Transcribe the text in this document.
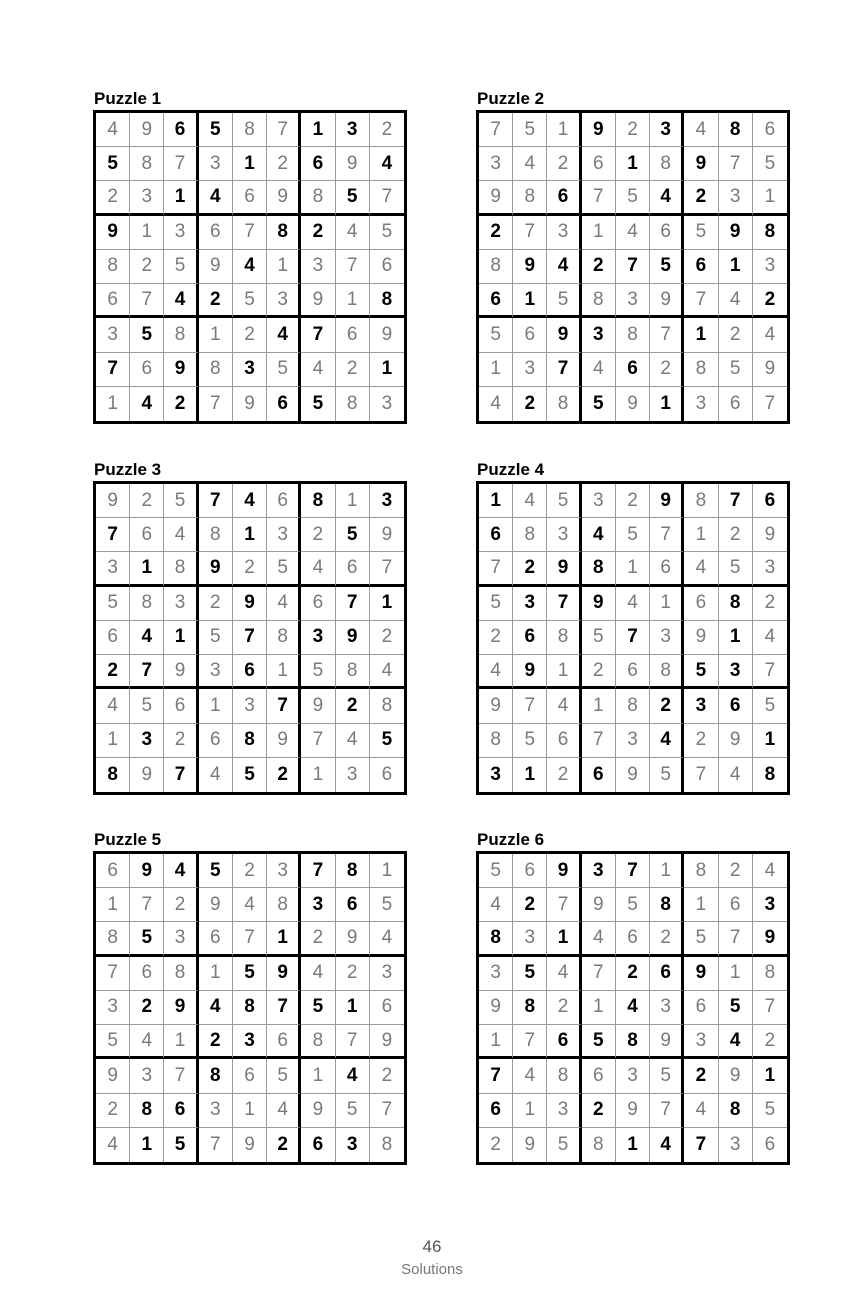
Puzzle 1
4	9	6	5	8	7	1	3	2
5	8	7	3	1	2	6	9	4
2	3	1	4	6	9	8	5	7
9	1	3	6	7	8	2	4	5
8	2	5	9	4	1	3	7	6
6	7	4	2	5	3	9	1	8
3	5	8	1	2	4	7	6	9
7	6	9	8	3	5	4	2	1
1	4	2	7	9	6	5	8	3
Puzzle 2
7	5	1	9	2	3	4	8	6
3	4	2	6	1	8	9	7	5
9	8	6	7	5	4	2	3	1
2	7	3	1	4	6	5	9	8
8	9	4	2	7	5	6	1	3
6	1	5	8	3	9	7	4	2
5	6	9	3	8	7	1	2	4
1	3	7	4	6	2	8	5	9
4	2	8	5	9	1	3	6	7
Puzzle 3
9	2	5	7	4	6	8	1	3
7	6	4	8	1	3	2	5	9
3	1	8	9	2	5	4	6	7
5	8	3	2	9	4	6	7	1
6	4	1	5	7	8	3	9	2
2	7	9	3	6	1	5	8	4
4	5	6	1	3	7	9	2	8
1	3	2	6	8	9	7	4	5
8	9	7	4	5	2	1	3	6
Puzzle 4
1	4	5	3	2	9	8	7	6
6	8	3	4	5	7	1	2	9
7	2	9	8	1	6	4	5	3
5	3	7	9	4	1	6	8	2
2	6	8	5	7	3	9	1	4
4	9	1	2	6	8	5	3	7
9	7	4	1	8	2	3	6	5
8	5	6	7	3	4	2	9	1
3	1	2	6	9	5	7	4	8
Puzzle 5
6	9	4	5	2	3	7	8	1
1	7	2	9	4	8	3	6	5
8	5	3	6	7	1	2	9	4
7	6	8	1	5	9	4	2	3
3	2	9	4	8	7	5	1	6
5	4	1	2	3	6	8	7	9
9	3	7	8	6	5	1	4	2
2	8	6	3	1	4	9	5	7
4	1	5	7	9	2	6	3	8
Puzzle 6
5	6	9	3	7	1	8	2	4
4	2	7	9	5	8	1	6	3
8	3	1	4	6	2	5	7	9
3	5	4	7	2	6	9	1	8
9	8	2	1	4	3	6	5	7
1	7	6	5	8	9	3	4	2
7	4	8	6	3	5	2	9	1
6	1	3	2	9	7	4	8	5
2	9	5	8	1	4	7	3	6
46
Solutions
